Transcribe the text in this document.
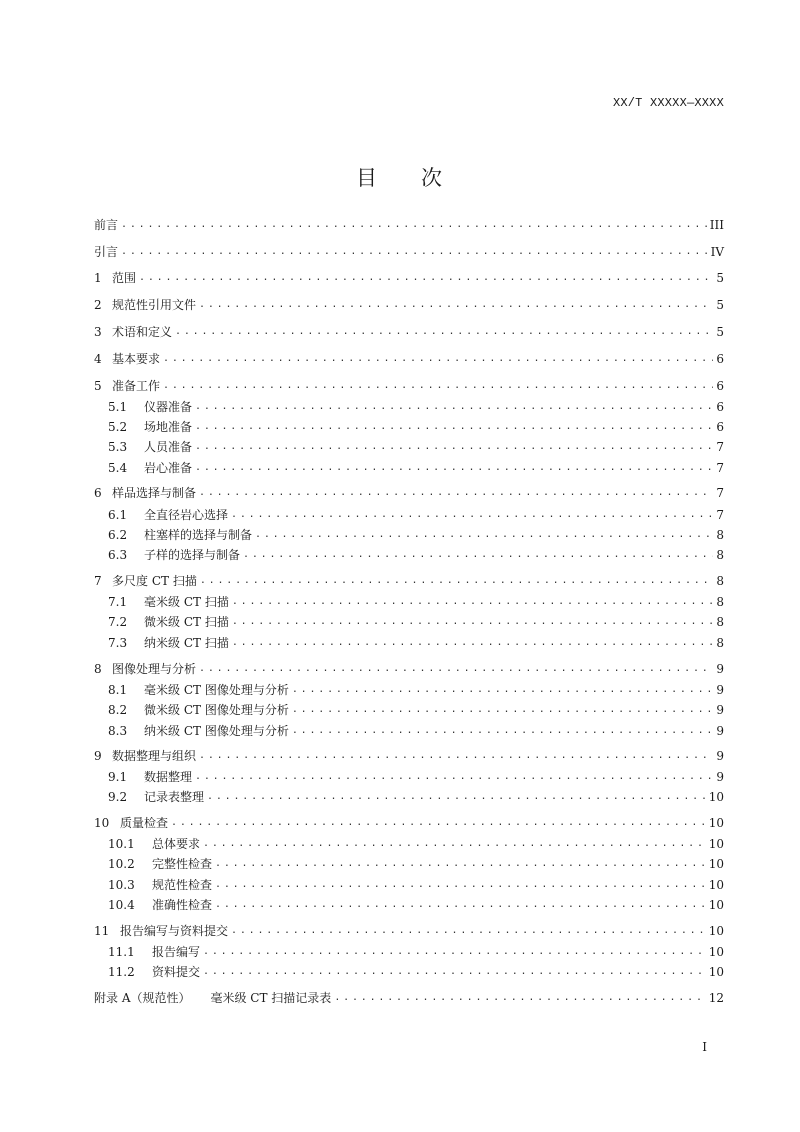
XX/T XXXXX—XXXX
目 次
前言 .....	III
引言 .....	IV
1 范围 .....	5
2 规范性引用文件 .....	5
3 术语和定义 .....	5
4 基本要求 .....	6
5 准备工作 .....	6
5.1	仪器准备 .....	6
5.2	场地准备 .....	6
5.3	人员准备 .....	7
5.4	岩心准备 .....	7
6 样品选择与制备 .....	7
6.1	全直径岩心选择 .....	7
6.2	柱塞样的选择与制备 .....	8
6.3	子样的选择与制备 .....	8
7 多尺度 CT 扫描 .....	8
7.1	毫米级 CT 扫描 .....	8
7.2	微米级 CT 扫描 .....	8
7.3	纳米级 CT 扫描 .....	8
8 图像处理与分析 .....	9
8.1	毫米级 CT 图像处理与分析 .....	9
8.2	微米级 CT 图像处理与分析 .....	9
8.3	纳米级 CT 图像处理与分析 .....	9
9 数据整理与组织 .....	9
9.1	数据整理 .....	9
9.2	记录表整理 .....	10
10 质量检查 .....	10
10.1	总体要求 .....	10
10.2	完整性检查 .....	10
10.3	规范性检查 .....	10
10.4	准确性检查 .....	10
11 报告编写与资料提交 .....	10
11.1	报告编写 .....	10
11.2	资料提交 .....	10
附录 A（规范性） 毫米级 CT 扫描记录表 .....	12
I
